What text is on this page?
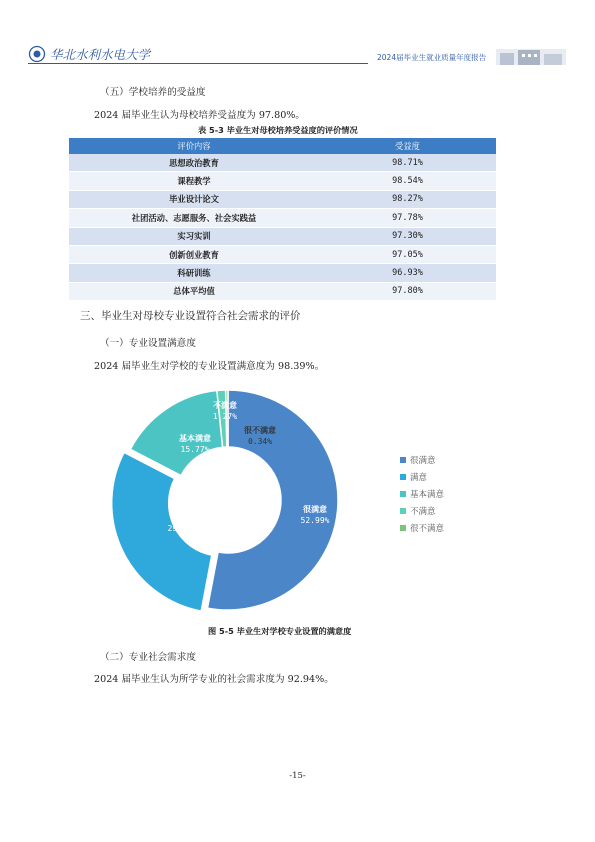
华北水利水电大学	2024届毕业生就业质量年度报告
（五）学校培养的受益度
2024 届毕业生认为母校培养受益度为 97.80%。
表 5-3 毕业生对母校培养受益度的评价情况
评价内容	受益度
思想政治教育	98.71%
课程教学	98.54%
毕业设计论文	98.27%
社团活动、志愿服务、社会实践益	97.78%
实习实训	97.30%
创新创业教育	97.05%
科研训练	96.93%
总体平均值	97.80%
三、毕业生对母校专业设置符合社会需求的评价
（一）专业设置满意度
2024 届毕业生对学校的专业设置满意度为 98.39%。
很满意
52.99%
满意
29.63%
基本满意
15.77%
不满意
1.27%
很不满意
0.34%
很满意
满意
基本满意
不满意
很不满意
图 5-5 毕业生对学校专业设置的满意度
（二）专业社会需求度
2024 届毕业生认为所学专业的社会需求度为 92.94%。
-15-
